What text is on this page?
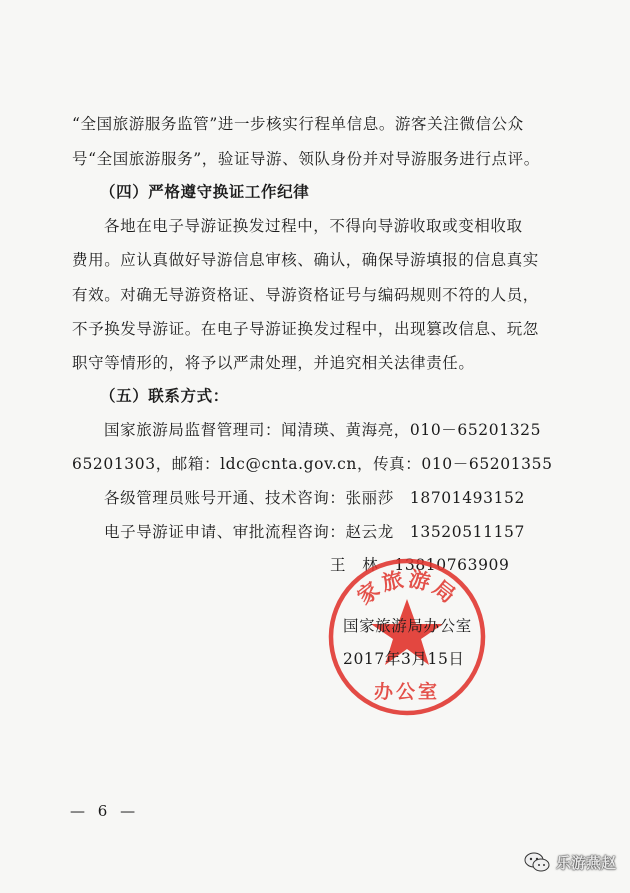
“全国旅游服务监管”进一步核实行程单信息。游客关注微信公众
号“全国旅游服务”，验证导游、领队身份并对导游服务进行点评。
（四）严格遵守换证工作纪律
各地在电子导游证换发过程中，不得向导游收取或变相收取
费用。应认真做好导游信息审核、确认，确保导游填报的信息真实
有效。对确无导游资格证、导游资格证号与编码规则不符的人员，
不予换发导游证。在电子导游证换发过程中，出现篡改信息、玩忽
职守等情形的，将予以严肃处理，并追究相关法律责任。
（五）联系方式：
国家旅游局监督管理司：闻清瑛、黄海亮，010－65201325
65201303，邮箱：ldc@cnta.gov.cn，传真：010－65201355
各级管理员账号开通、技术咨询：张丽莎　18701493152
电子导游证申请、审批流程咨询：赵云龙　13520511157
王　林　13810763909
家旅游局
办公室
国家旅游局办公室
2017年3月15日
— 6 —
乐游燕赵
